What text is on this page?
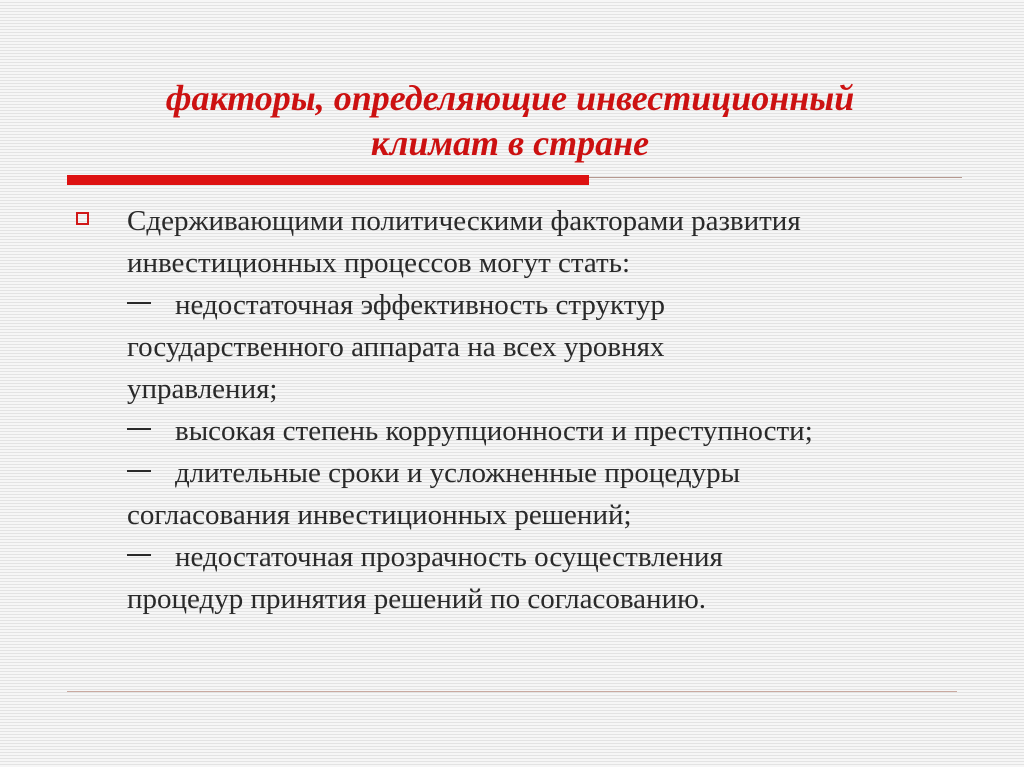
факторы, определяющие инвестиционный
климат в стране
Сдерживающими политическими факторами развития
инвестиционных процессов могут стать:
недостаточная эффективность структур
государственного аппарата на всех уровнях
управления;
высокая степень коррупционности и преступности;
длительные сроки и усложненные процедуры
согласования инвестиционных решений;
недостаточная прозрачность осуществления
процедур принятия решений по согласованию.
